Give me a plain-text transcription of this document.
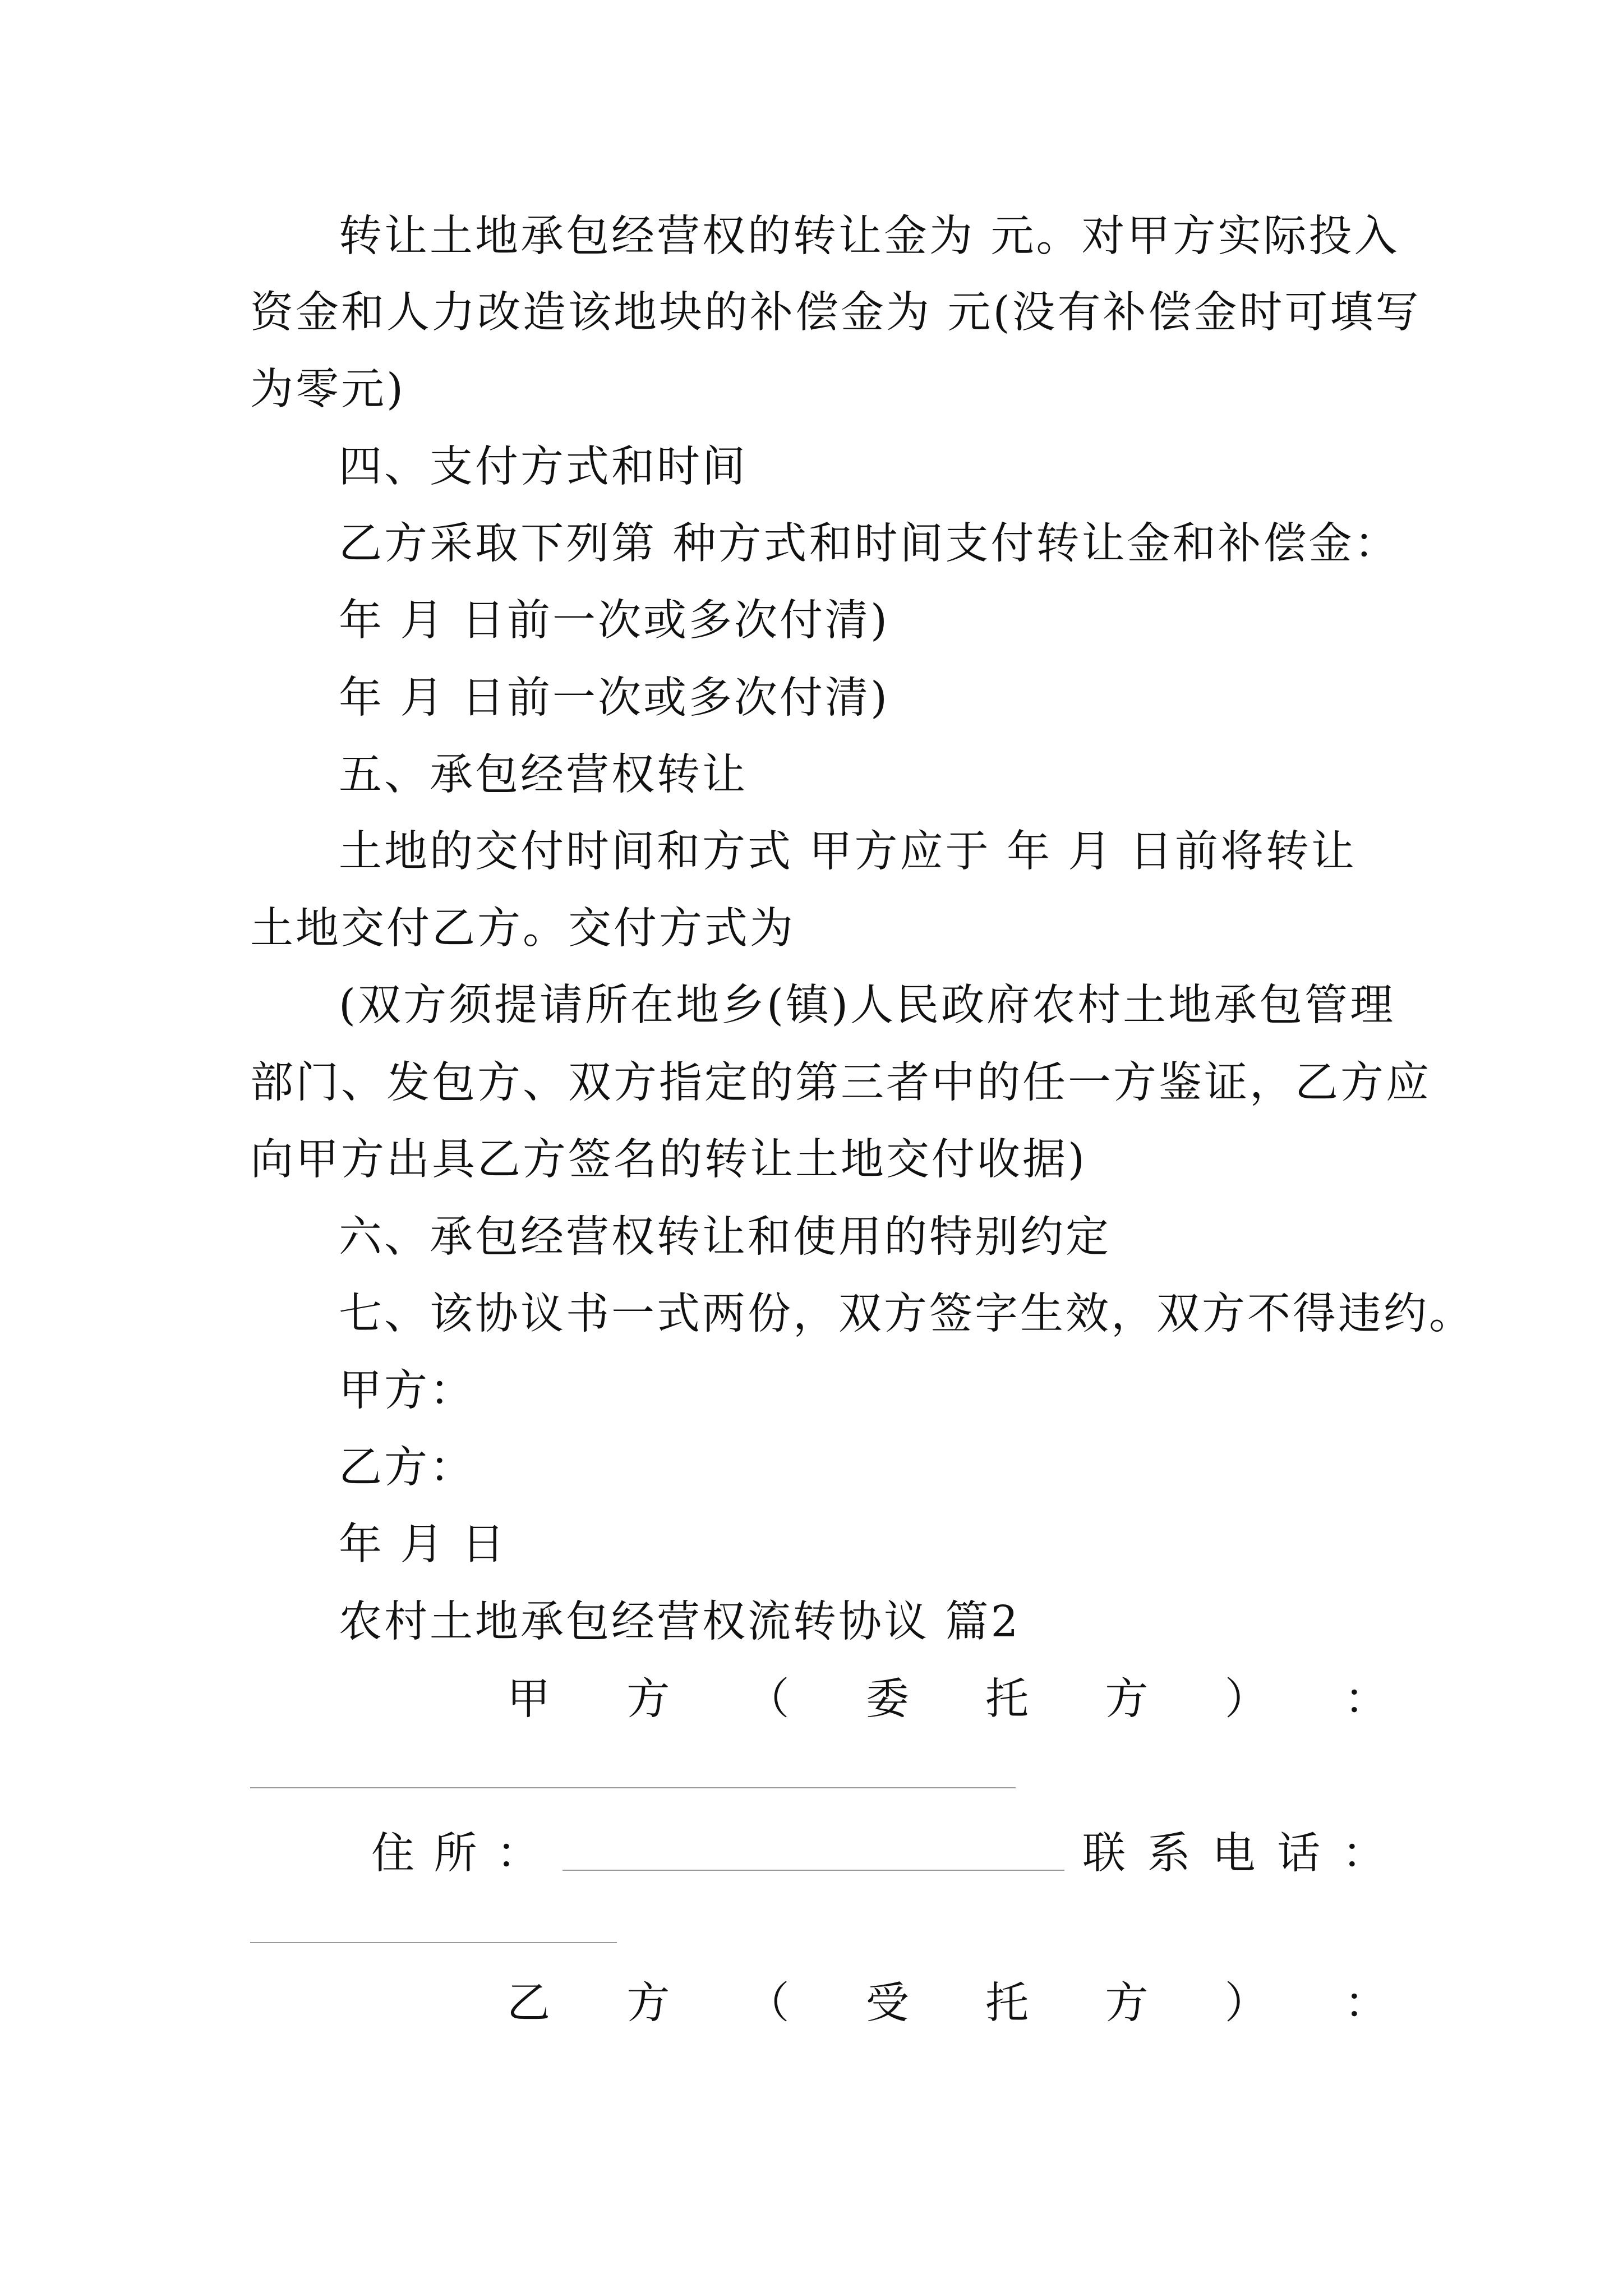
转让土地承包经营权的转让金为 元。对甲方实际投入
资金和人力改造该地块的补偿金为 元(没有补偿金时可填写
为零元)
四、支付方式和时间
乙方采取下列第 种方式和时间支付转让金和补偿金：
年 月 日前一次或多次付清)
年 月 日前一次或多次付清)
五、承包经营权转让
土地的交付时间和方式 甲方应于 年 月 日前将转让
土地交付乙方。交付方式为
(双方须提请所在地乡(镇)人民政府农村土地承包管理
部门、发包方、双方指定的第三者中的任一方鉴证，乙方应
向甲方出具乙方签名的转让土地交付收据)
六、承包经营权转让和使用的特别约定
七、该协议书一式两份，双方签字生效，双方不得违约。
甲方：
乙方：
年 月 日
农村土地承包经营权流转协议 篇2
甲 方 （ 委 托 方 ） ：
住 所 ：	联 系 电 话 ：
乙 方 （ 受 托 方 ） ：
